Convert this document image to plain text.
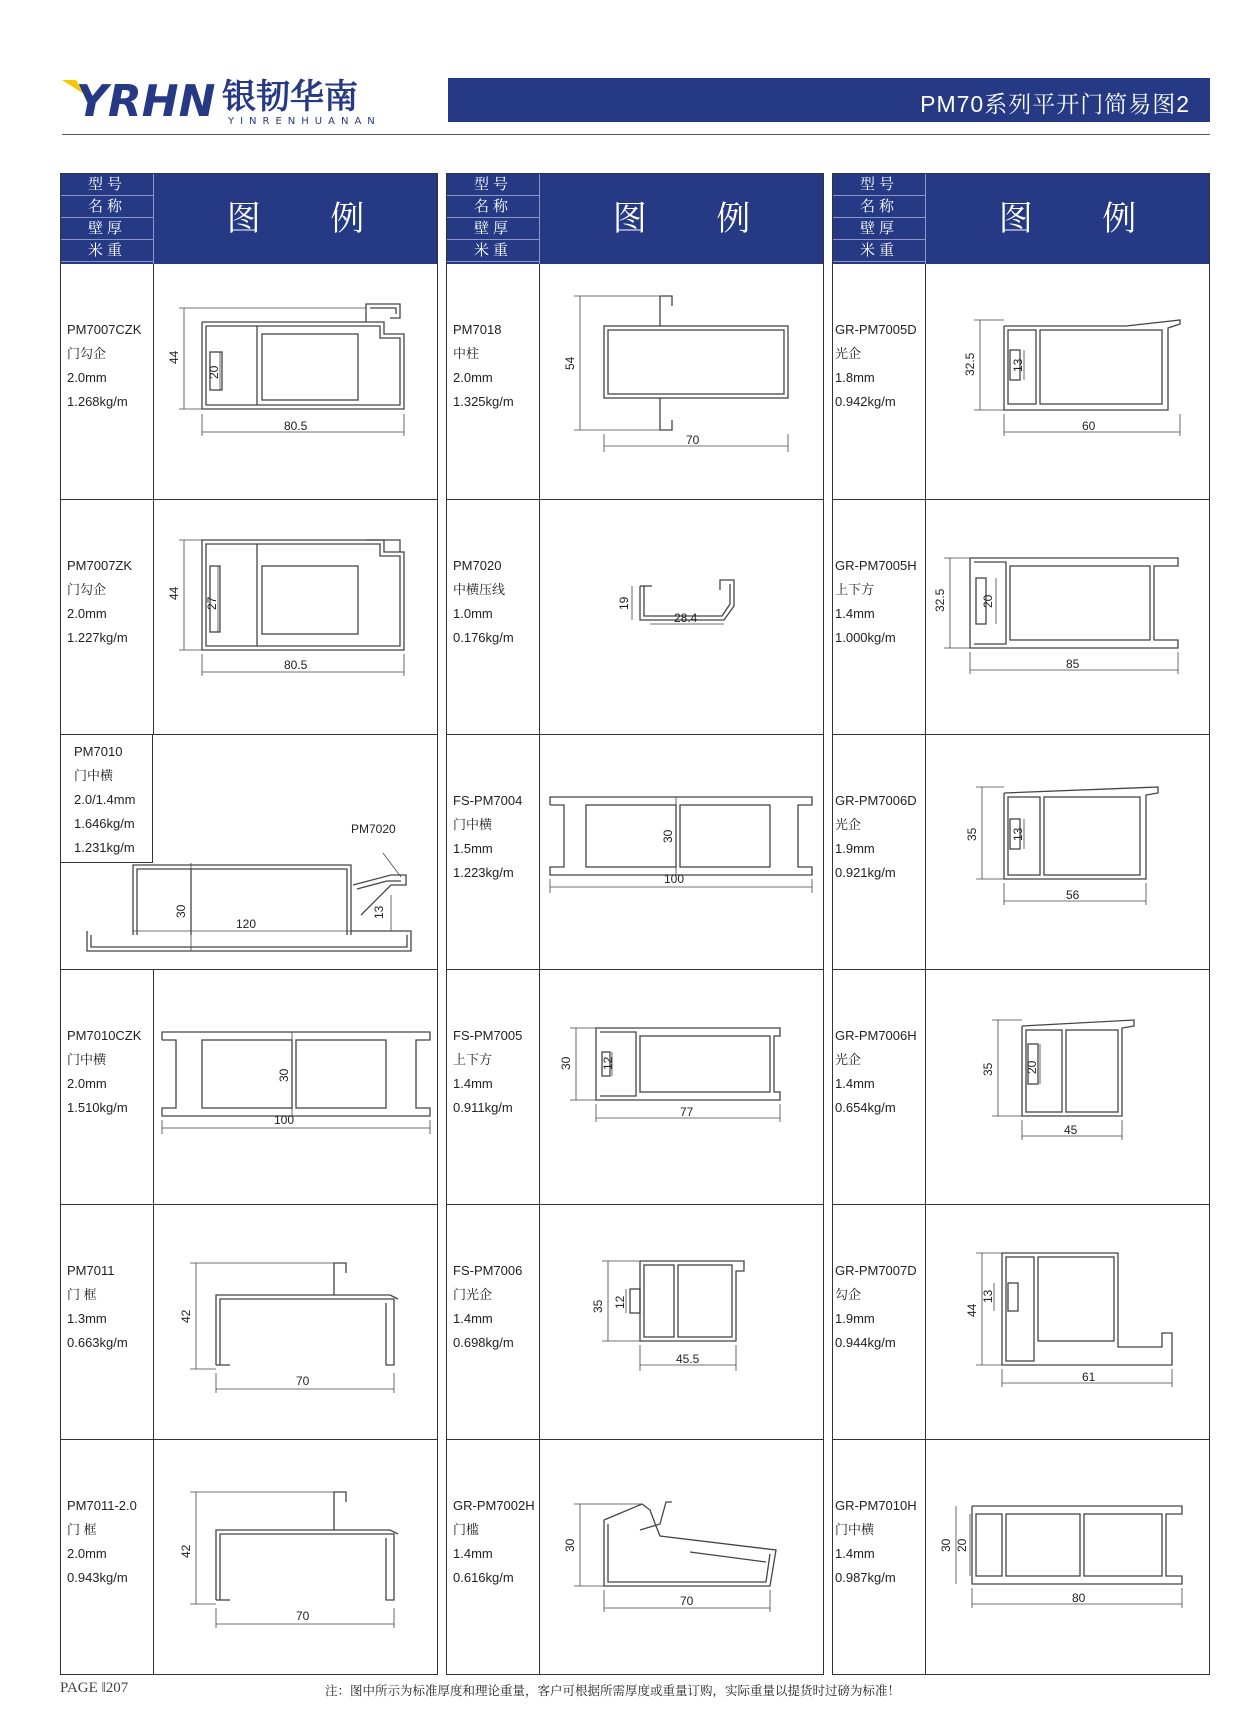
YRHN 银韧华南
YINRENHUANAN
PM70系列平开门简易图2
型号
名称
壁厚
米重
图 例
PM7007CZK
门勾企
2.0mm
1.268kg/m
44
20
80.5
PM7007ZK
门勾企
2.0mm
1.227kg/m
44
27
80.5
30
120
13
PM7020
PM7010
门中横
2.0/1.4mm
1.646kg/m
1.231kg/m
PM7010CZK
门中横
2.0mm
1.510kg/m
30
100
PM7011
门 框
1.3mm
0.663kg/m
42
70
PM7011-2.0
门 框
2.0mm
0.943kg/m
42
70
型号
名称
壁厚
米重
图 例
PM7018
中柱
2.0mm
1.325kg/m
54
70
PM7020
中横压线
1.0mm
0.176kg/m
19
28.4
FS-PM7004
门中横
1.5mm
1.223kg/m
30
100
FS-PM7005
上下方
1.4mm
0.911kg/m
30 12
77
FS-PM7006
门光企
1.4mm
0.698kg/m
35 12
45.5
GR-PM7002H
门槛
1.4mm
0.616kg/m
30
70
型号
名称
壁厚
米重
图 例
GR-PM7005D
光企
1.8mm
0.942kg/m
32.5	13
60
GR-PM7005H
上下方
1.4mm
1.000kg/m
32.5	20
85
GR-PM7006D
光企
1.9mm
0.921kg/m
35	13
56
GR-PM7006H
光企
1.4mm
0.654kg/m
35	20
45
GR-PM7007D
勾企
1.9mm
0.944kg/m
44
13
61
GR-PM7010H
门中横
1.4mm
0.987kg/m
30 20
80
PAGE ‖207	注：图中所示为标准厚度和理论重量，客户可根据所需厚度或重量订购，实际重量以提货时过磅为标准！
